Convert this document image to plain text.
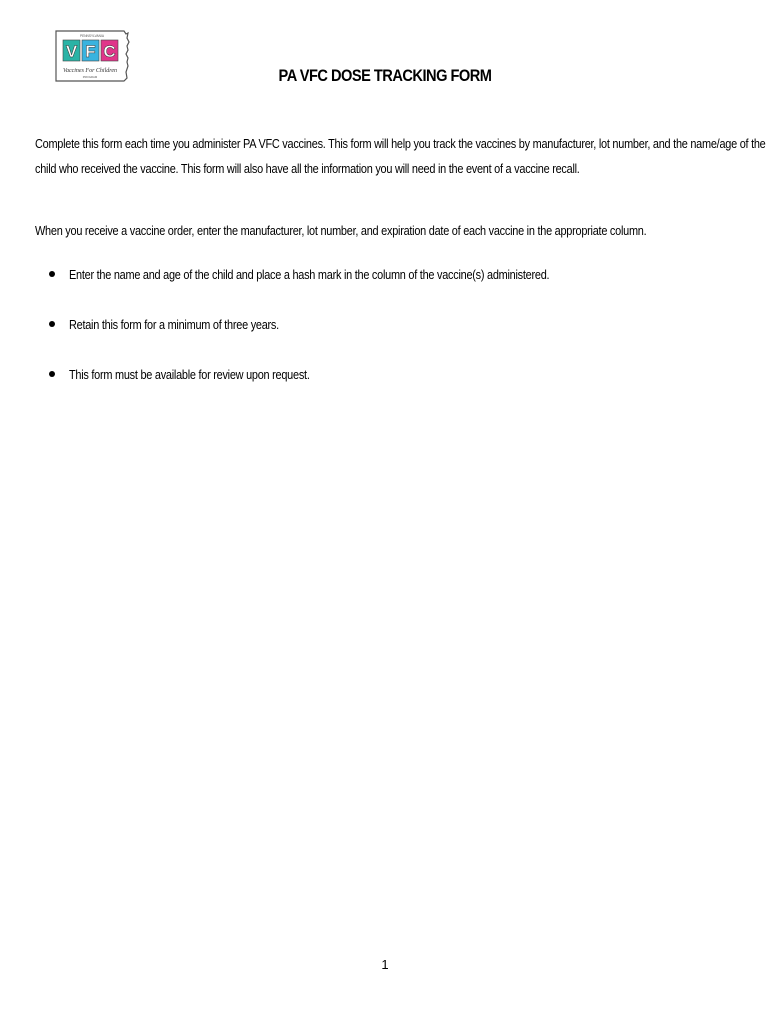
PENNSYLVANIA
V F C
Vaccines For Children
PROGRAM	PA VFC DOSE TRACKING FORM
Complete this form each time you administer PA VFC vaccines. This form will help you track the vaccines by manufacturer, lot number, and the name/age of the
child who received the vaccine. This form will also have all the information you will need in the event of a vaccine recall.
When you receive a vaccine order, enter the manufacturer, lot number, and expiration date of each vaccine in the appropriate column.
Enter the name and age of the child and place a hash mark in the column of the vaccine(s) administered.
Retain this form for a minimum of three years.
This form must be available for review upon request.
1
